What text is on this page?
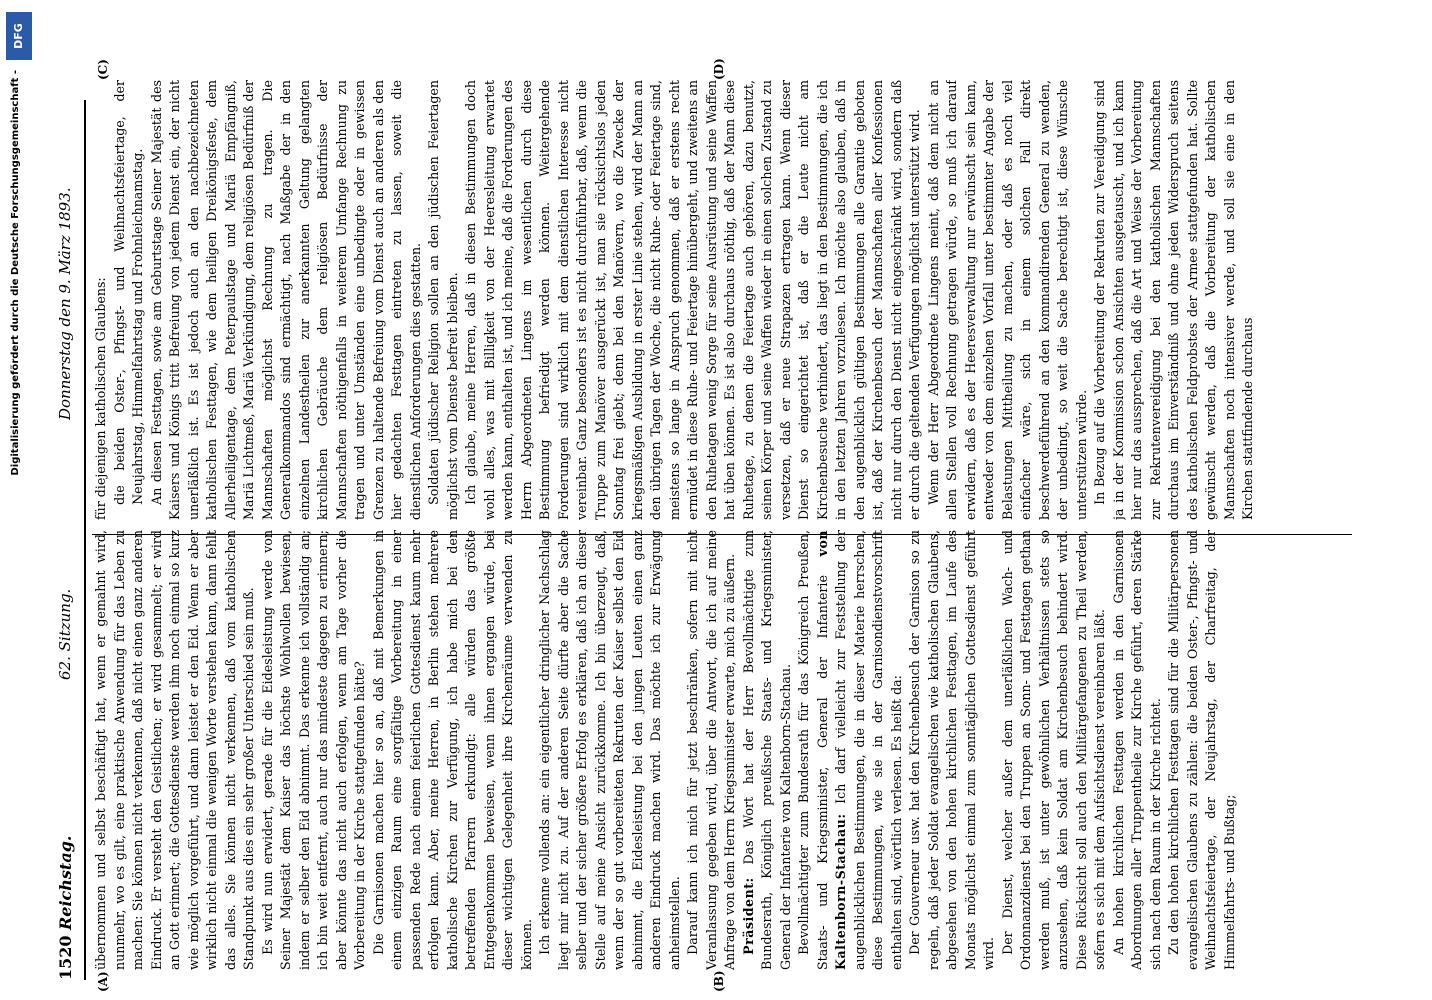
Digitalisierung gefördert durch die Deutsche Forschungsgemeinschaft -
DFG
1520
Reichstag.
62. Sitzung.
Donnerstag den 9. März 1893.
(A)	(B)
(C)	(D)

übernommen und selbst beschäftigt hat, wenn er gemahnt wird, nunmehr, wo es gilt, eine praktische Anwendung für das Leben zu machen: Sie können nicht verkennen, daß nicht einen ganz anderen Eindruck. Er versteht den Geistlichen; er wird gesammelt; er wird an Gott erinnert; die Gottesdienste werden ihm noch einmal so kurz wie möglich vorgeführt, und dann leistet er den Eid. Wenn er aber wirklich nicht einmal die wenigen Worte verstehen kann, dann fehlt das alles. Sie können nicht verkennen, daß vom katholischen Standpunkt aus dies ein sehr großer Unterschied sein muß. Es wird nun erwidert, gerade für die Eidesleistung werde von Seiner Majestät dem Kaiser das höchste Wohlwollen bewiesen, indem er selber den Eid abnimmt. Das erkenne ich vollständig an; ich bin weit entfernt, auch nur das mindeste dagegen zu erinnern; aber könnte das nicht auch erfolgen, wenn am Tage vorher die Vorbereitung in der Kirche stattgefunden hätte? Die Garnisonen machen hier so an, daß mit Bemerkungen in einem einzigen Raum eine sorgfältige Vorbereitung in einer passenden Rede nach einem feierlichen Gottesdienst kaum mehr erfolgen kann. Aber, meine Herren, in Berlin stehen mehrere katholische Kirchen zur Verfügung, ich habe mich bei den betreffenden Pfarrern erkundigt: alle würden das größte Entgegenkommen beweisen, wenn ihnen ergangen würde, bei dieser wichtigen Gelegenheit ihre Kirchenräume verwenden zu können. Ich erkenne vollends an: ein eigentlicher dringlicher Nachschlag liegt mir nicht zu. Auf der anderen Seite dürfte aber die Sache selber und der sicher größere Erfolg es erklären, daß ich an dieser Stelle auf meine Ansicht zurückkomme. Ich bin überzeugt, daß, wenn der so gut vorbereiteten Rekruten der Kaiser selbst den Eid abnimmt, die Eidesleistung bei den jungen Leuten einen ganz anderen Eindruck machen wird. Das möchte ich zur Erwägung anheimstellen. Darauf kann ich mich für jetzt beschränken, sofern mit nicht Veranlassung gegeben wird, über die Antwort, die ich auf meine Anfrage von dem Herrn Kriegsminister erwarte, mich zu äußern. Präsident: Das Wort hat der Herr Bevollmächtigte zum Bundesrath, Königlich preußische Staats- und Kriegsminister, General der Infanterie von Kaltenborn-Stachau. Bevollmächtigter zum Bundesrath für das Königreich Preußen, Staats- und Kriegsminister, General der Infanterie von Kaltenborn-Stachau: Ich darf vielleicht zur Feststellung der augenblicklichen Bestimmungen, die in dieser Materie herrschen, diese Bestimmungen, wie sie in der Garnisondienstvorschrift enthalten sind, wörtlich verlesen. Es heißt da: Der Gouverneur usw. hat den Kirchenbesuch der Garnison so zu regeln, daß jeder Soldat evangelischen wie katholischen Glaubens, abgesehen von den hohen kirchlichen Festtagen, im Laufe des Monats möglichst einmal zum sonntäglichen Gottesdienst geführt wird. Der Dienst, welcher außer dem unerläßlichen Wach- und Ordonnanzdienst bei den Truppen an Sonn- und Festtagen gethan werden muß, ist unter gewöhnlichen Verhältnissen stets so anzusehen, daß kein Soldat am Kirchenbesuch behindert wird. Diese Rücksicht soll auch den Militärgefangenen zu Theil werden, sofern es sich mit dem Aufsichtsdienst vereinbaren läßt. An hohen kirchlichen Festtagen werden in den Garnisonen Abordnungen aller Truppentheile zur Kirche geführt, deren Stärke sich nach dem Raum in der Kirche richtet. Zu den hohen kirchlichen Festtagen sind für die Militärpersonen evangelischen Glaubens zu zählen: die beiden Oster-, Pfingst- und Weihnachtsfeiertage, der Neujahrstag, der Charfreitag, der Himmelfahrts- und Bußtag;

für diejenigen katholischen Glaubens: die beiden Oster-, Pfingst- und Weihnachtsfeiertage, der Neujahrstag, Himmelfahrtstag und Frohnleichnamstag. An diesen Festtagen, sowie am Geburtstage Seiner Majestät des Kaisers und Königs tritt Befreiung von jedem Dienst ein, der nicht unerläßlich ist. Es ist jedoch auch an den nachbezeichneten katholischen Festtagen, wie dem heiligen Dreikönigsfeste, dem Allerheiligentage, dem Peterpaulstage und Mariä Empfängniß, Mariä Lichtmeß, Mariä Verkündigung, dem religiösen Bedürfniß der Mannschaften möglichst Rechnung zu tragen. Die Generalkommandos sind ermächtigt, nach Maßgabe der in den einzelnen Landestheilen zur anerkannten Geltung gelangten kirchlichen Gebräuche dem religiösen Bedürfnisse der Mannschaften nöthigenfalls in weiterem Umfange Rechnung zu tragen und unter Umständen eine unbedingte oder in gewissen Grenzen zu haltende Befreiung vom Dienst auch an anderen als den hier gedachten Festtagen eintreten zu lassen, soweit die dienstlichen Anforderungen dies gestatten. Soldaten jüdischer Religion sollen an den jüdischen Feiertagen möglichst vom Dienste befreit bleiben. Ich glaube, meine Herren, daß in diesen Bestimmungen doch wohl alles, was mit Billigkeit von der Heeresleitung erwartet werden kann, enthalten ist, und ich meine, daß die Forderungen des Herrn Abgeordneten Lingens im wesentlichen durch diese Bestimmung befriedigt werden können. Weitergehende Forderungen sind wirklich mit dem dienstlichen Interesse nicht vereinbar. Ganz besonders ist es nicht durchführbar, daß, wenn die Truppe zum Manöver ausgerückt ist, man sie rücksichtslos jeden Sonntag frei giebt; denn bei den Manövern, wo die Zwecke der kriegsmäßigen Ausbildung in erster Linie stehen, wird der Mann an den übrigen Tagen der Woche, die nicht Ruhe- oder Feiertage sind, meistens so lange in Anspruch genommen, daß er erstens recht ermüdet in diese Ruhe- und Feiertage hinübergeht, und zweitens an den Ruhetagen wenig Sorge für seine Ausrüstung und seine Waffen hat üben können. Es ist also durchaus nöthig, daß der Mann diese Ruhetage, zu denen die Feiertage auch gehören, dazu benutzt, seinen Körper und seine Waffen wieder in einen solchen Zustand zu versetzen, daß er neue Strapazen ertragen kann. Wenn dieser Dienst so eingerichtet ist, daß er die Leute nicht am Kirchenbesuche verhindert, das liegt in den Bestimmungen, die ich in den letzten Jahren vorzulesen. Ich möchte also glauben, daß in den augenblicklich gültigen Bestimmungen alle Garantie geboten ist, daß der Kirchenbesuch der Mannschaften aller Konfessionen nicht nur durch den Dienst nicht eingeschränkt wird, sondern daß er durch die geltenden Verfügungen möglichst unterstützt wird. Wenn der Herr Abgeordnete Lingens meint, daß dem nicht an allen Stellen voll Rechnung getragen würde, so muß ich darauf erwidern, daß es der Heeresverwaltung nur erwünscht sein kann, entweder von dem einzelnen Vorfall unter bestimmter Angabe der Belastungen Mittheilung zu machen, oder daß es noch viel einfacher wäre, sich in einem solchen Fall direkt beschwerdeführend an den kommandirenden General zu wenden, der unbedingt, so weit die Sache berechtigt ist, diese Wünsche unterstützen würde. In Bezug auf die Vorbereitung der Rekruten zur Vereidigung sind ja in der Kommission schon Ansichten ausgetauscht, und ich kann hier nur das aussprechen, daß die Art und Weise der Vorbereitung zur Rekrutenvereidigung bei den katholischen Mannschaften durchaus im Einverständniß und ohne jeden Widerspruch seitens des katholischen Feldprobstes der Armee stattgefunden hat. Sollte gewünscht werden, daß die Vorbereitung der katholischen Mannschaften noch intensiver werde, und soll sie eine in den Kirchen stattfindende durchaus
